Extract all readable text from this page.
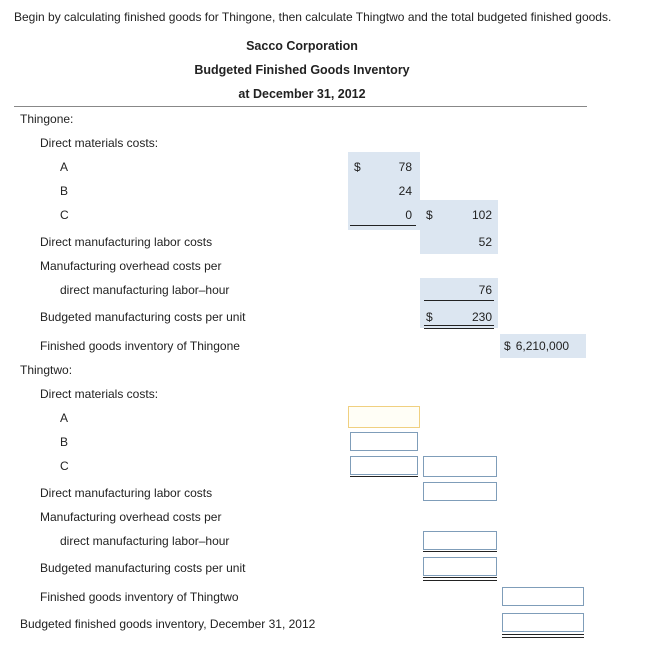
Begin by calculating finished goods for Thingone, then calculate Thingtwo and the total budgeted finished goods.
Sacco Corporation
Budgeted Finished Goods Inventory
at December 31, 2012
Thingone:
Direct materials costs:
A	$	78
B	24
C	0 $	102
Direct manufacturing labor costs	52
Manufacturing overhead costs per
direct manufacturing labor–hour	76
Budgeted manufacturing costs per unit	$	230
Finished goods inventory of Thingone	$ 6,210,000
Thingtwo:
Direct materials costs:
A
B
C
Direct manufacturing labor costs
Manufacturing overhead costs per
direct manufacturing labor–hour
Budgeted manufacturing costs per unit
Finished goods inventory of Thingtwo
Budgeted finished goods inventory, December 31, 2012
